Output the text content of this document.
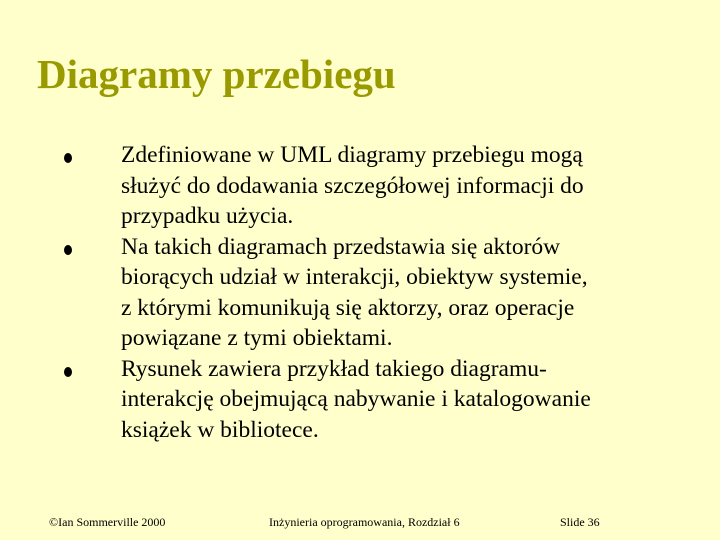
Diagramy przebiegu
Zdefiniowane w UML diagramy przebiegu mogą
służyć do dodawania szczegółowej informacji do
przypadku użycia.
Na takich diagramach przedstawia się aktorów
biorących udział w interakcji, obiektyw systemie,
z którymi komunikują się aktorzy, oraz operacje
powiązane z tymi obiektami.
Rysunek zawiera przykład takiego diagramu-
interakcję obejmującą nabywanie i katalogowanie
książek w bibliotece.
©Ian Sommerville 2000	Inżynieria oprogramowania, Rozdział 6	Slide 36
